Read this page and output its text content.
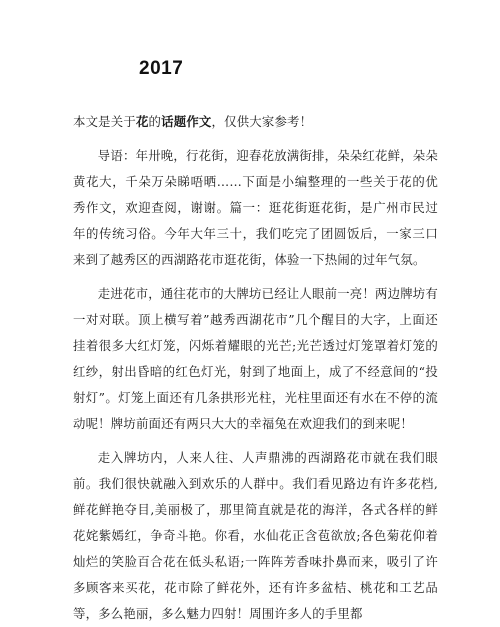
2017

本文是关于花的话题作文，仅供大家参考！

导语：年卅晚，行花街，迎春花放满街排，朵朵红花鲜，朵朵黄花大，千朵万朵睇唔晒……下面是小编整理的一些关于花的优秀作文，欢迎查阅，谢谢。篇一：逛花街逛花街，是广州市民过年的传统习俗。今年大年三十，我们吃完了团圆饭后，一家三口来到了越秀区的西湖路花市逛花街，体验一下热闹的过年气氛。

走进花市，通往花市的大牌坊已经让人眼前一亮！两边牌坊有一对对联。顶上横写着”越秀西湖花市”几个醒目的大字，上面还挂着很多大红灯笼，闪烁着耀眼的光芒;光芒透过灯笼罩着灯笼的红纱，射出昏暗的红色灯光，射到了地面上，成了不经意间的“投射灯”。灯笼上面还有几条拱形光柱，光柱里面还有水在不停的流动呢！牌坊前面还有两只大大的幸福兔在欢迎我们的到来呢！

走入牌坊内，人来人往、人声鼎沸的西湖路花市就在我们眼前。我们很快就融入到欢乐的人群中。我们看见路边有许多花档,鲜花鲜艳夺目,美丽极了，那里简直就是花的海洋，各式各样的鲜花姹紫嫣红，争奇斗艳。你看，水仙花正含苞欲放;各色菊花仰着灿烂的笑脸百合花在低头私语;一阵阵芳香味扑鼻而来，吸引了许多顾客来买花，花市除了鲜花外，还有许多盆桔、桃花和工艺品等，多么艳丽，多么魅力四射！周围许多人的手里都
